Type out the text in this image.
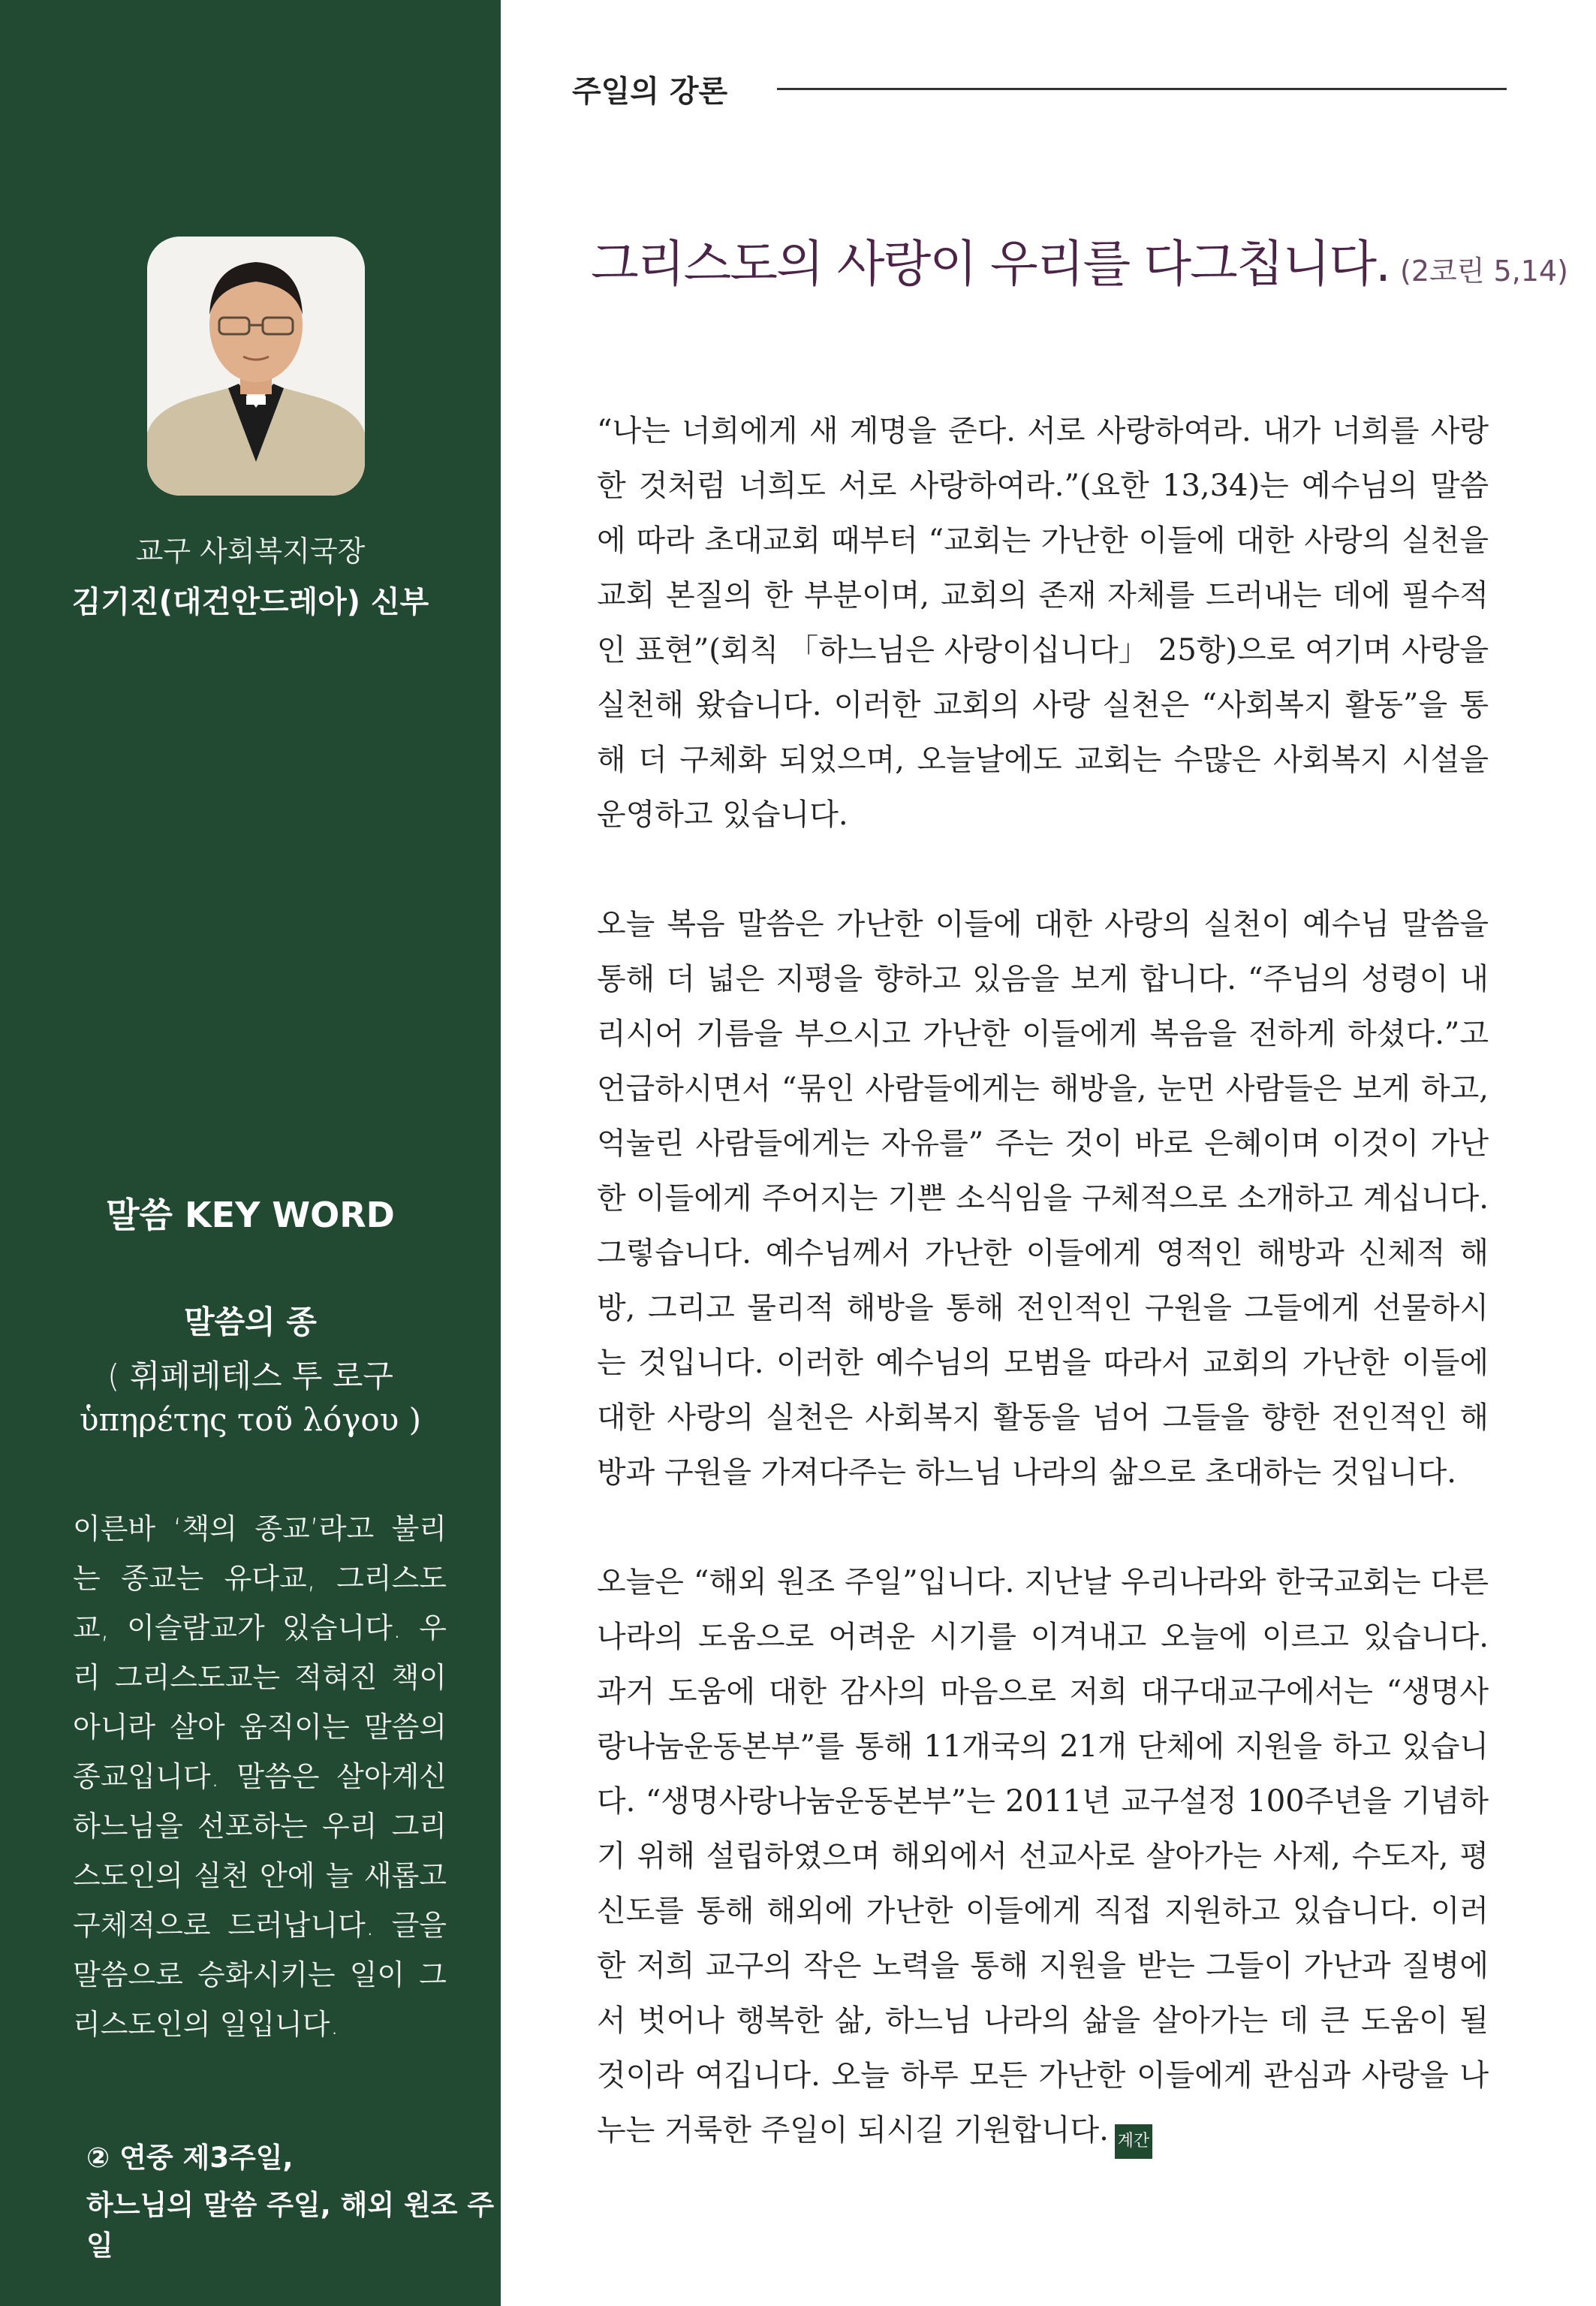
교구 사회복지국장
김기진(대건안드레아) 신부
말씀 KEY WORD
말씀의 종
( 휘페레테스 투 로구
ὑπηρέτης τοῦ λόγου )

이른바 ‘책의 종교’라고 불리는 종교는 유다교, 그리스도교, 이슬람교가 있습니다. 우리 그리스도교는 적혀진 책이 아니라 살아 움직이는 말씀의 종교입니다. 말씀은 살아계신 하느님을 선포하는 우리 그리스도인의 실천 안에 늘 새롭고 구체적으로 드러납니다. 글을 말씀으로 승화시키는 일이 그리스도인의 일입니다.

② 연중 제3주일,
하느님의 말씀 주일, 해외 원조 주일
주일의 강론
그리스도의 사랑이 우리를 다그칩니다. (2코린 5,14)

“나는 너희에게 새 계명을 준다. 서로 사랑하여라. 내가 너희를 사랑한 것처럼 너희도 서로 사랑하여라.”(요한 13,34)는 예수님의 말씀에 따라 초대교회 때부터 “교회는 가난한 이들에 대한 사랑의 실천을 교회 본질의 한 부분이며, 교회의 존재 자체를 드러내는 데에 필수적인 표현”(회칙 「하느님은 사랑이십니다」 25항)으로 여기며 사랑을 실천해 왔습니다. 이러한 교회의 사랑 실천은 “사회복지 활동”을 통해 더 구체화 되었으며, 오늘날에도 교회는 수많은 사회복지 시설을 운영하고 있습니다.

오늘 복음 말씀은 가난한 이들에 대한 사랑의 실천이 예수님 말씀을 통해 더 넓은 지평을 향하고 있음을 보게 합니다. “주님의 성령이 내리시어 기름을 부으시고 가난한 이들에게 복음을 전하게 하셨다.”고 언급하시면서 “묶인 사람들에게는 해방을, 눈먼 사람들은 보게 하고, 억눌린 사람들에게는 자유를” 주는 것이 바로 은혜이며 이것이 가난한 이들에게 주어지는 기쁜 소식임을 구체적으로 소개하고 계십니다. 그렇습니다. 예수님께서 가난한 이들에게 영적인 해방과 신체적 해방, 그리고 물리적 해방을 통해 전인적인 구원을 그들에게 선물하시는 것입니다. 이러한 예수님의 모범을 따라서 교회의 가난한 이들에 대한 사랑의 실천은 사회복지 활동을 넘어 그들을 향한 전인적인 해방과 구원을 가져다주는 하느님 나라의 삶으로 초대하는 것입니다.

오늘은 “해외 원조 주일”입니다. 지난날 우리나라와 한국교회는 다른 나라의 도움으로 어려운 시기를 이겨내고 오늘에 이르고 있습니다. 과거 도움에 대한 감사의 마음으로 저희 대구대교구에서는 “생명사랑나눔운동본부”를 통해 11개국의 21개 단체에 지원을 하고 있습니다. “생명사랑나눔운동본부”는 2011년 교구설정 100주년을 기념하기 위해 설립하였으며 해외에서 선교사로 살아가는 사제, 수도자, 평신도를 통해 해외에 가난한 이들에게 직접 지원하고 있습니다. 이러한 저희 교구의 작은 노력을 통해 지원을 받는 그들이 가난과 질병에서 벗어나 행복한 삶, 하느님 나라의 삶을 살아가는 데 큰 도움이 될 것이라 여깁니다. 오늘 하루 모든 가난한 이들에게 관심과 사랑을 나누는 거룩한 주일이 되시길 기원합니다. 계간
